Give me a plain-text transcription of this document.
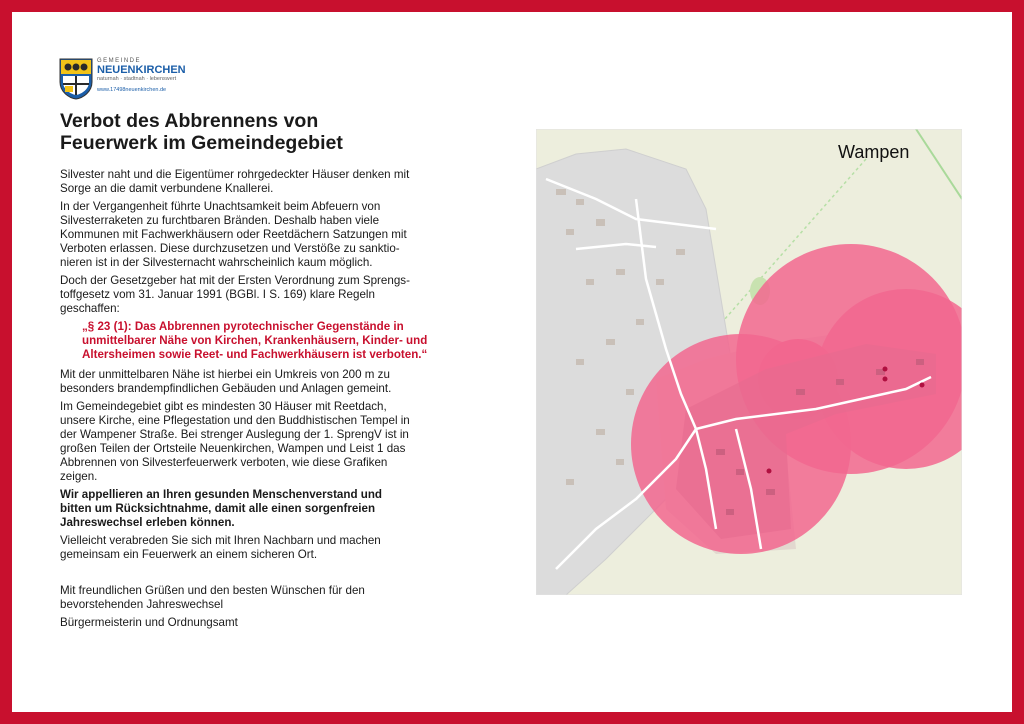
GEMEINDE
NEUENKIRCHEN
naturnah · stadtnah · lebenswert
www.17498neuenkirchen.de
Verbot des Abbrennens von
Feuerwerk im Gemeindegebiet

Silvester naht und die Eigentümer rohrgedeckter Häuser denken mit
Sorge an die damit verbundene Knallerei.

In der Vergangenheit führte Unachtsamkeit beim Abfeuern von
Silvesterraketen zu furchtbaren Bränden. Deshalb haben viele
Kommunen mit Fachwerkhäusern oder Reetdächern Satzungen mit
Verboten erlassen. Diese durchzusetzen und Verstöße zu sanktio-
nieren ist in der Silvesternacht wahrscheinlich kaum möglich.

Doch der Gesetzgeber hat mit der Ersten Verordnung zum Sprengs-
toffgesetz vom 31. Januar 1991 (BGBl. I S. 169) klare Regeln
geschaffen:

„§ 23 (1): Das Abbrennen pyrotechnischer Gegenstände in
unmittelbarer Nähe von Kirchen, Krankenhäusern, Kinder- und
Altersheimen sowie Reet- und Fachwerkhäusern ist verboten.“

Mit der unmittelbaren Nähe ist hierbei ein Umkreis von 200 m zu
besonders brandempfindlichen Gebäuden und Anlagen gemeint.

Im Gemeindegebiet gibt es mindesten 30 Häuser mit Reetdach,
unsere Kirche, eine Pflegestation und den Buddhistischen Tempel in
der Wampener Straße. Bei strenger Auslegung der 1. SprengV ist in
großen Teilen der Ortsteile Neuenkirchen, Wampen und Leist 1 das
Abbrennen von Silvesterfeuerwerk verboten, wie diese Grafiken
zeigen.

Wir appellieren an Ihren gesunden Menschenverstand und
bitten um Rücksichtnahme, damit alle einen sorgenfreien
Jahreswechsel erleben können.

Vielleicht verabreden Sie sich mit Ihren Nachbarn und machen
gemeinsam ein Feuerwerk an einem sicheren Ort.

Mit freundlichen Grüßen und den besten Wünschen für den
bevorstehenden Jahreswechsel

Bürgermeisterin und Ordnungsamt

Wampen
